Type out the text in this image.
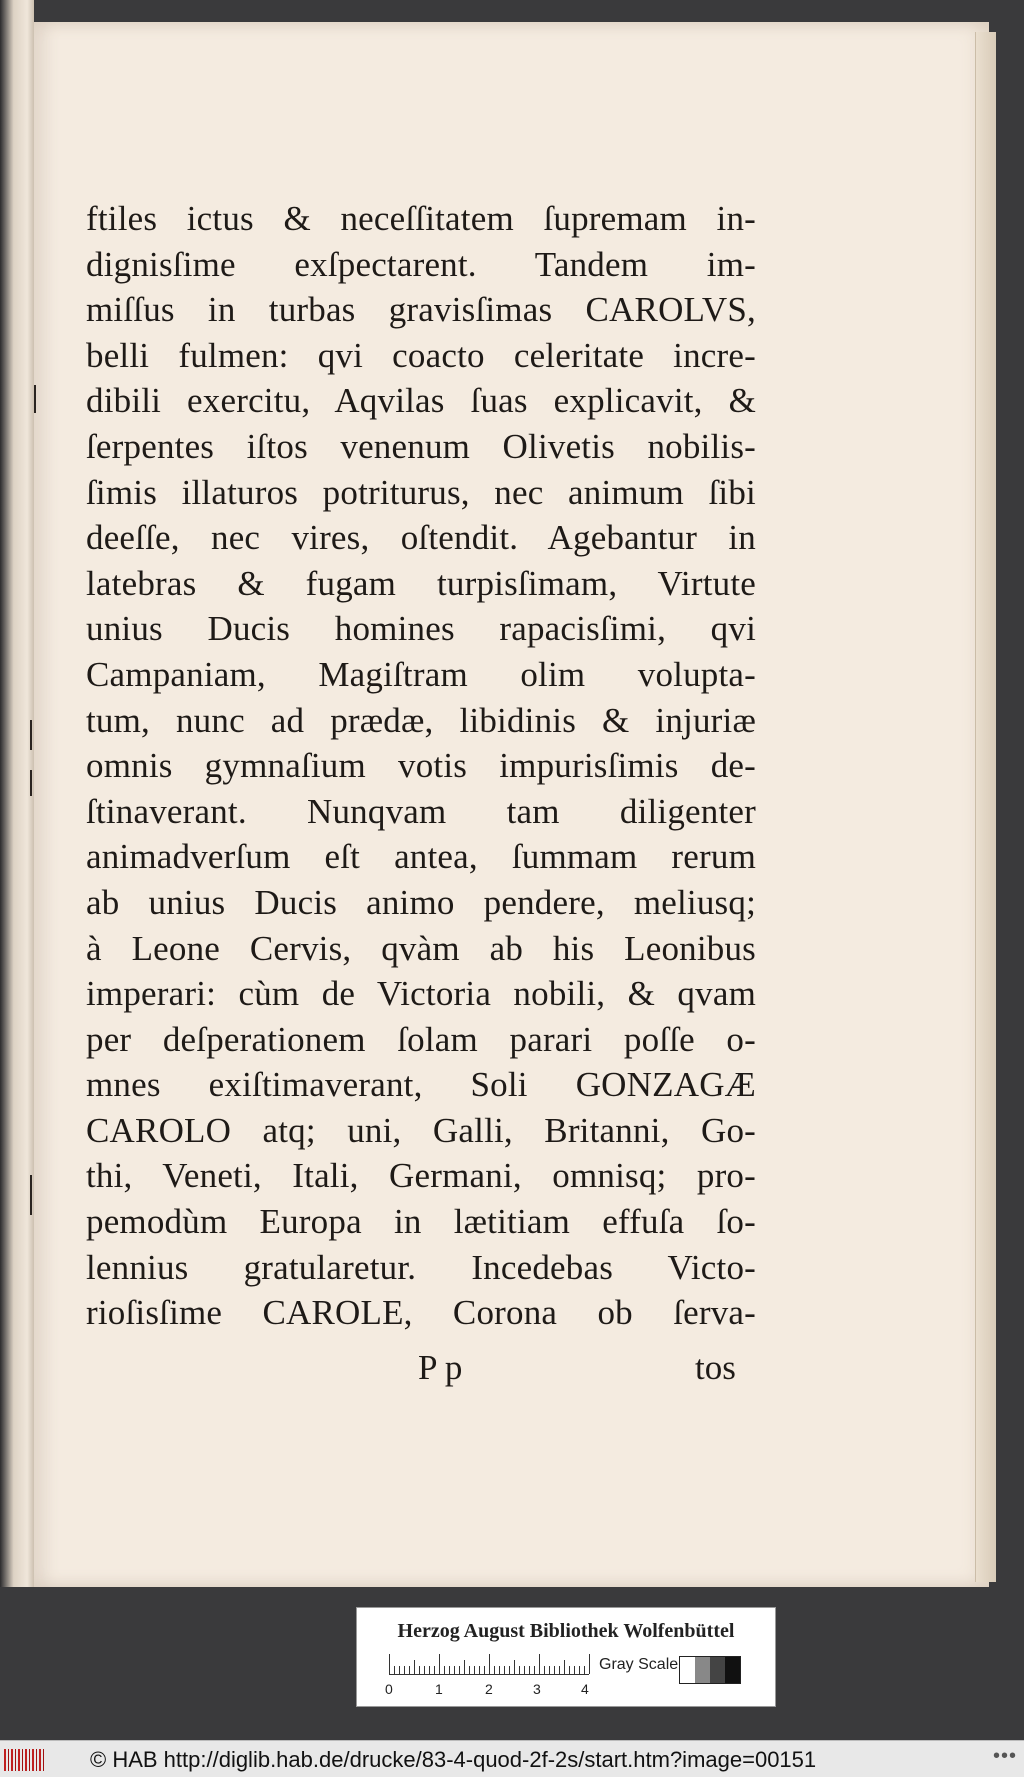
ftiles ictus & neceſſitatem ſupremam in-
dignisſime exſpectarent. Tandem im-
miſſus in turbas gravisſimas CAROLVS,
belli fulmen: qvi coacto celeritate incre-
dibili exercitu, Aqvilas ſuas explicavit, &
ſerpentes iſtos venenum Olivetis nobilis-
ſimis illaturos potriturus, nec animum ſibi
deeſſe, nec vires, oſtendit. Agebantur in
latebras & fugam turpisſimam, Virtute
unius Ducis homines rapacisſimi, qvi
Campaniam, Magiſtram olim volupta-
tum, nunc ad prædæ, libidinis & injuriæ
omnis gymnaſium votis impurisſimis de-
ſtinaverant. Nunqvam tam diligenter
animadverſum eſt antea, ſummam rerum
ab unius Ducis animo pendere, meliusq;
à Leone Cervis, qvàm ab his Leonibus
imperari: cùm de Victoria nobili, & qvam
per deſperationem ſolam parari poſſe o-
mnes exiſtimaverant, Soli GONZAGÆ
CAROLO atq; uni, Galli, Britanni, Go-
thi, Veneti, Itali, Germani, omnisq; pro-
pemodùm Europa in lætitiam effuſa ſo-
lennius gratularetur. Incedebas Victo-
rioſisſime CAROLE, Corona ob ſerva-
P p	tos
Herzog August Bibliothek Wolfenbüttel
0	1	2	3	4
Gray Scale
© HAB http://diglib.hab.de/drucke/83-4-quod-2f-2s/start.htm?image=00151	•••
